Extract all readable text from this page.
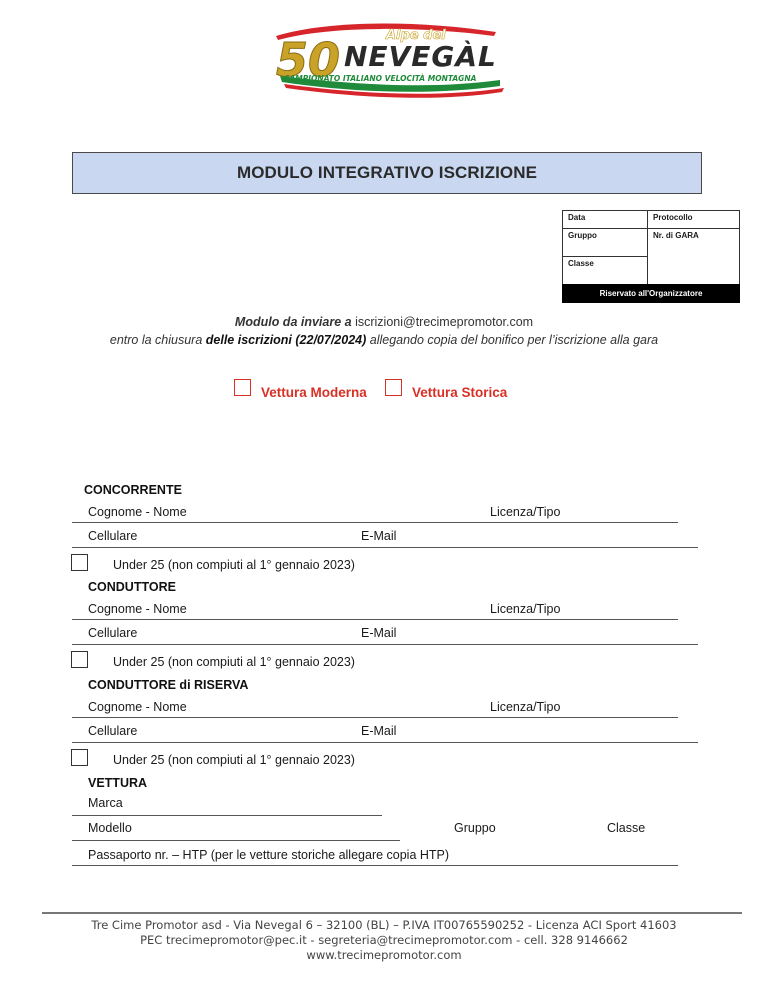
50	Alpe del
NEVEGÀL
CAMPIONATO ITALIANO VELOCITÀ MONTAGNA
MODULO INTEGRATIVO ISCRIZIONE
Data	Protocollo
Gruppo	Nr. di GARA
Classe
Riservato all'Organizzatore
Modulo da inviare a iscrizioni@trecimepromotor.com
entro la chiusura delle iscrizioni (22/07/2024) allegando copia del bonifico per l’iscrizione alla gara
Vettura Moderna	Vettura Storica
CONCORRENTE
Cognome - Nome	Licenza/Tipo
Cellulare	E-Mail
Under 25 (non compiuti al 1° gennaio 2023)
CONDUTTORE
Cognome - Nome	Licenza/Tipo
Cellulare	E-Mail
Under 25 (non compiuti al 1° gennaio 2023)
CONDUTTORE di RISERVA
Cognome - Nome	Licenza/Tipo
Cellulare	E-Mail
Under 25 (non compiuti al 1° gennaio 2023)
VETTURA
Marca
Modello	Gruppo	Classe
Passaporto nr. – HTP (per le vetture storiche allegare copia HTP)
Tre Cime Promotor asd - Via Nevegal 6 – 32100 (BL) – P.IVA IT00765590252 - Licenza ACI Sport 41603
PEC trecimepromotor@pec.it - segreteria@trecimepromotor.com - cell. 328 9146662
www.trecimepromotor.com
